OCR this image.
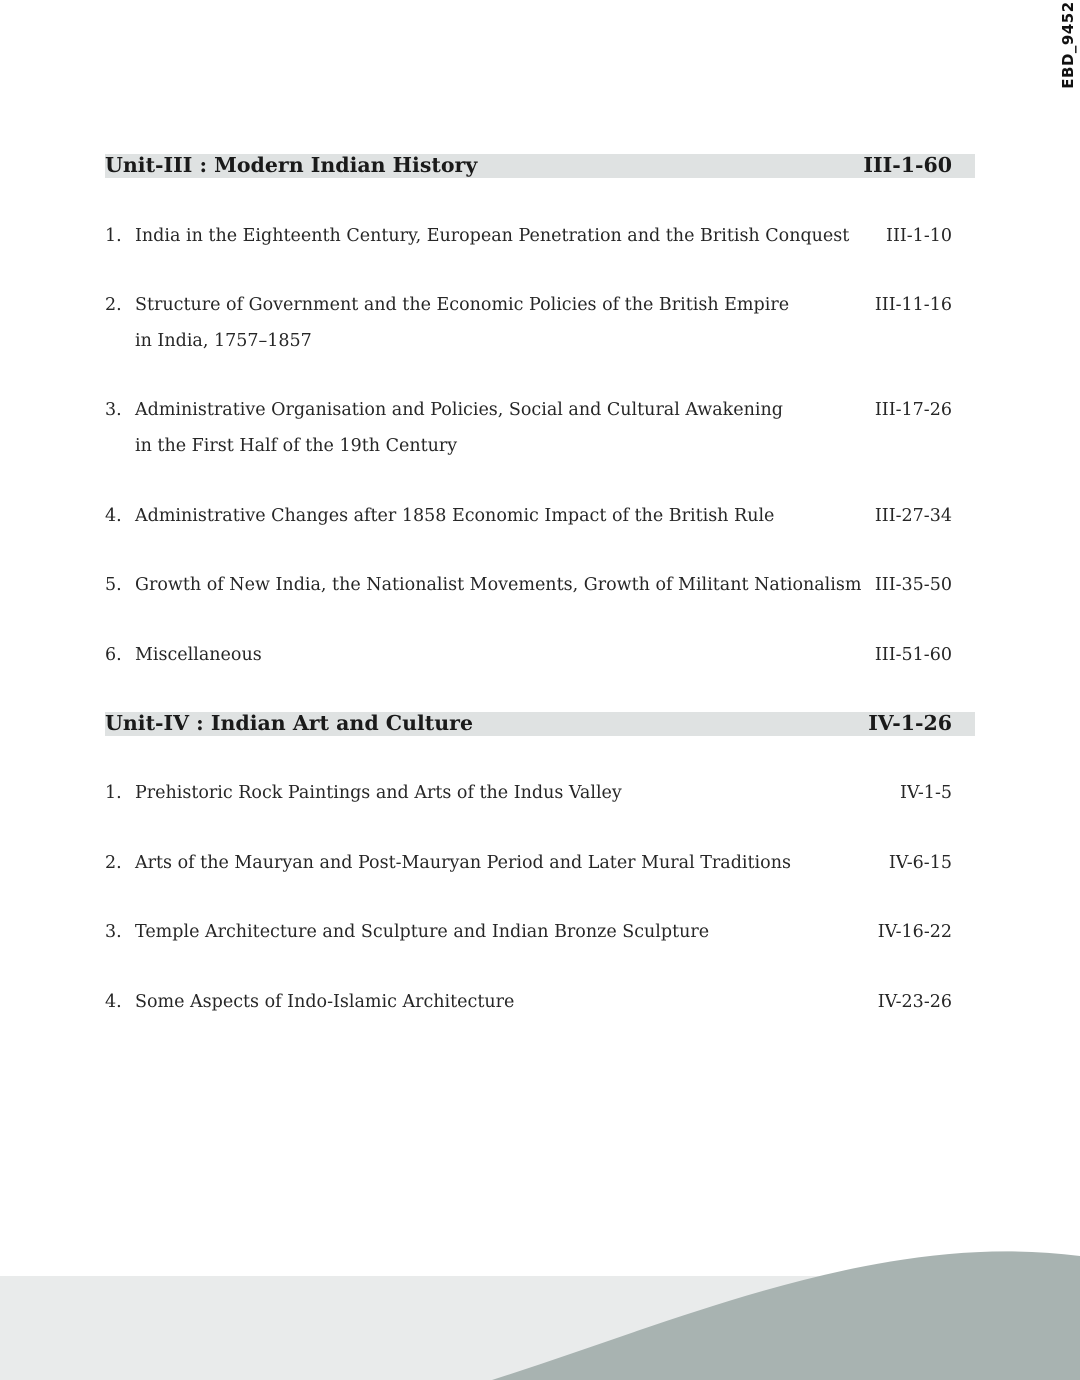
EBD_9452
Unit-III : Modern Indian History	III-1-60
1. India in the Eighteenth Century, European Penetration and the British Conquest	III-1-10
2. Structure of Government and the Economic Policies of the British Empire
in India, 1757–1857
III-11-16
3. Administrative Organisation and Policies, Social and Cultural Awakening
in the First Half of the 19th Century
III-17-26
4. Administrative Changes after 1858 Economic Impact of the British Rule	III-27-34
5. Growth of New India, the Nationalist Movements, Growth of Militant Nationalism III-35-50
6. Miscellaneous	III-51-60
Unit-IV : Indian Art and Culture	IV-1-26
1. Prehistoric Rock Paintings and Arts of the Indus Valley	IV-1-5
2. Arts of the Mauryan and Post-Mauryan Period and Later Mural Traditions	IV-6-15
3. Temple Architecture and Sculpture and Indian Bronze Sculpture	IV-16-22
4. Some Aspects of Indo-Islamic Architecture	IV-23-26
